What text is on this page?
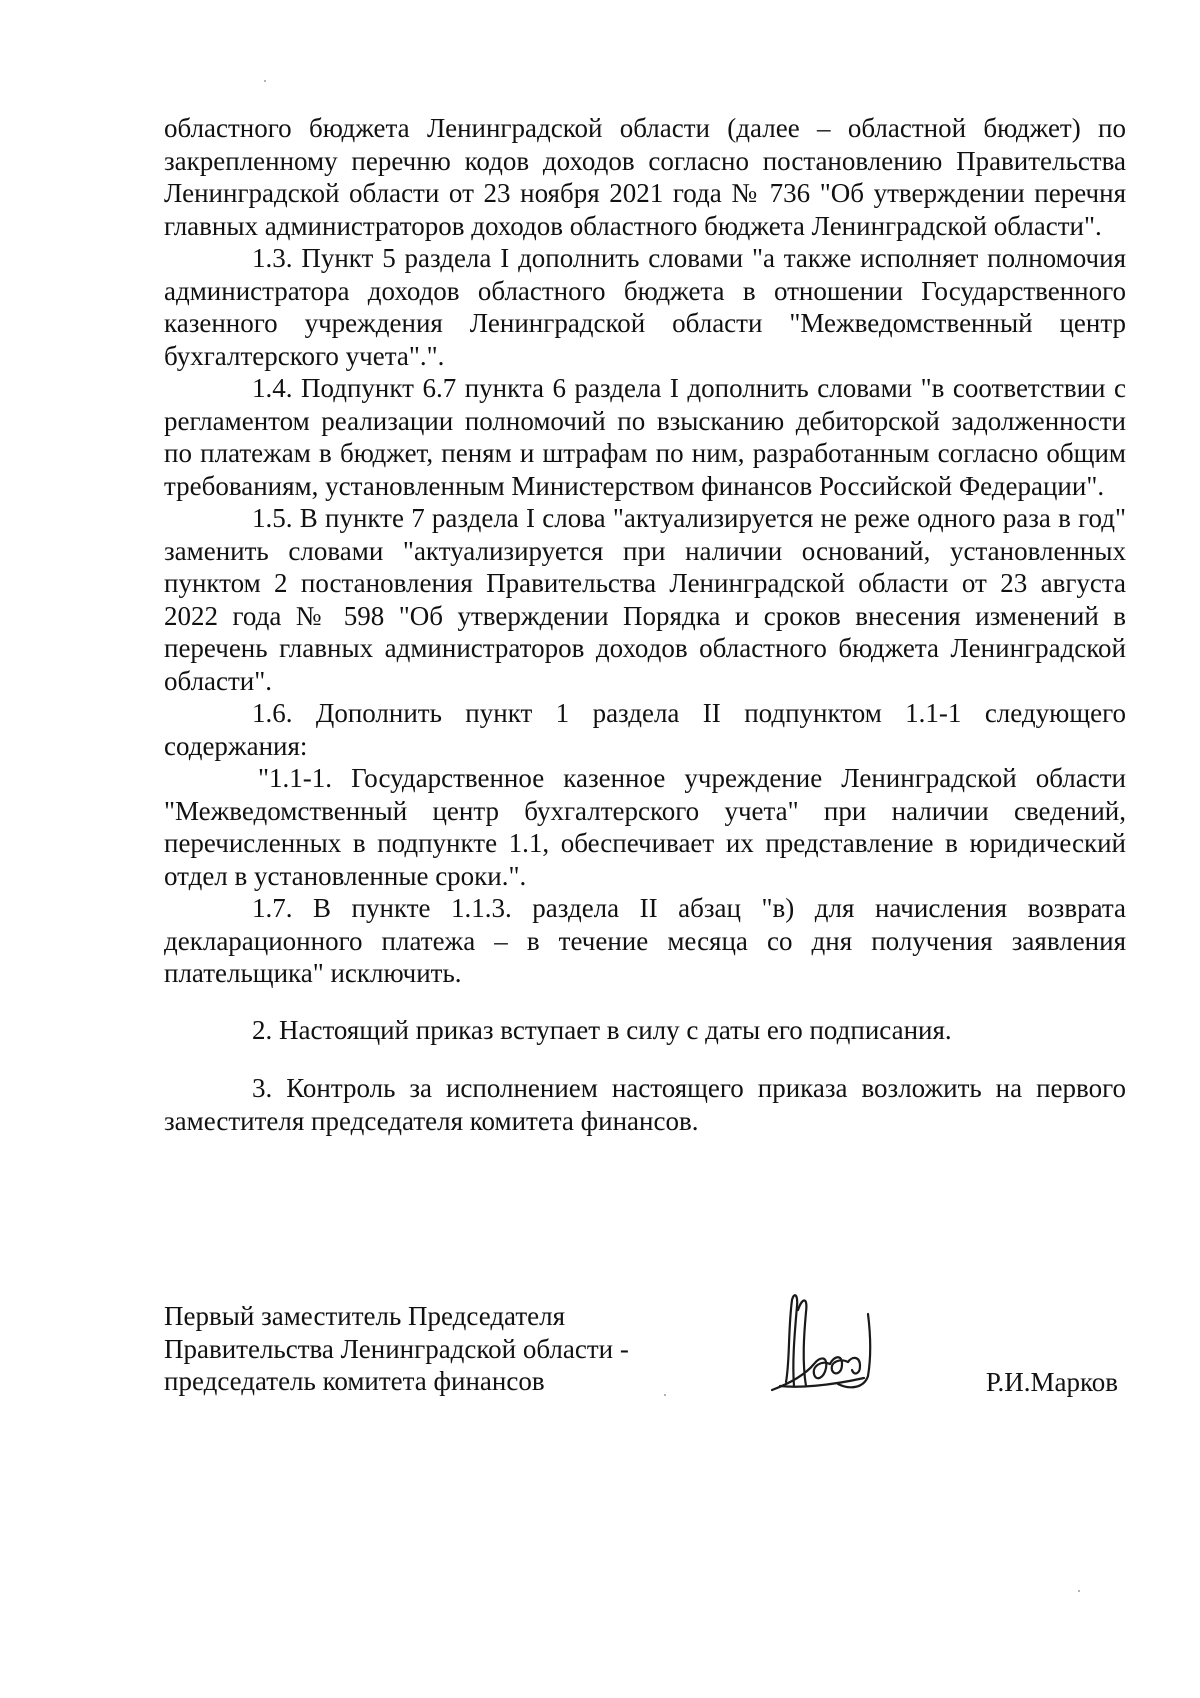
областного бюджета Ленинградской области (далее – областной бюджет) по закрепленному перечню кодов доходов согласно постановлению Правительства Ленинградской области от 23 ноября 2021 года № 736 "Об утверждении перечня главных администраторов доходов областного бюджета Ленинградской области".

1.3. Пункт 5 раздела I дополнить словами "а также исполняет полномочия администратора доходов областного бюджета в отношении Государственного казенного учреждения Ленинградской области "Межведомственный центр бухгалтерского учета".".

1.4. Подпункт 6.7 пункта 6 раздела I дополнить словами "в соответствии с регламентом реализации полномочий по взысканию дебиторской задолженности по платежам в бюджет, пеням и штрафам по ним, разработанным согласно общим требованиям, установленным Министерством финансов Российской Федерации".

1.5. В пункте 7 раздела I слова "актуализируется не реже одного раза в год" заменить словами "актуализируется при наличии оснований, установленных пунктом 2 постановления Правительства Ленинградской области от 23 августа 2022 года № 598 "Об утверждении Порядка и сроков внесения изменений в перечень главных администраторов доходов областного бюджета Ленинградской области".

1.6. Дополнить пункт 1 раздела II подпунктом 1.1-1 следующего содержания:

"1.1-1. Государственное казенное учреждение Ленинградской области "Межведомственный центр бухгалтерского учета" при наличии сведений, перечисленных в подпункте 1.1, обеспечивает их представление в юридический отдел в установленные сроки.".

1.7. В пункте 1.1.3. раздела II абзац "в) для начисления возврата декларационного платежа – в течение месяца со дня получения заявления плательщика" исключить.

2. Настоящий приказ вступает в силу с даты его подписания.

3. Контроль за исполнением настоящего приказа возложить на первого заместителя председателя комитета финансов.

Первый заместитель Председателя
Правительства Ленинградской области -
председатель комитета финансов	Р.И.Марков
